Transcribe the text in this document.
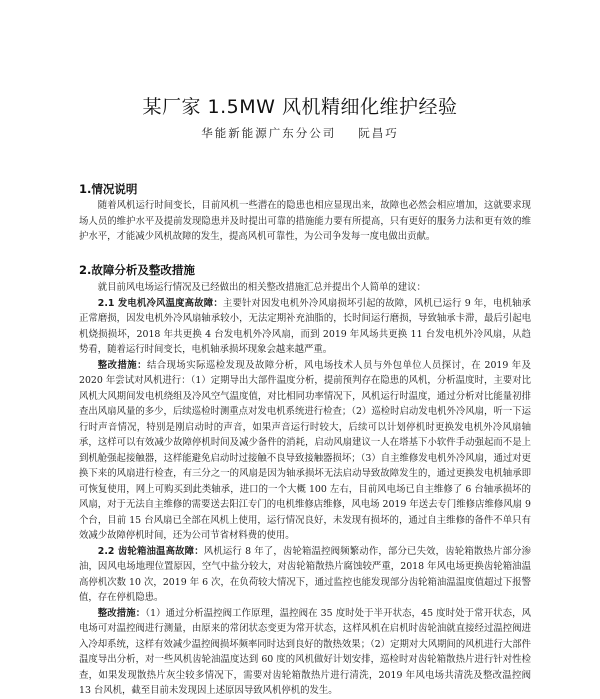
某厂家 1.5MW 风机精细化维护经验
华能新能源广东分公司 阮昌巧
1.情况说明

随着风机运行时间变长，目前风机一些潜在的隐患也相应显现出来，故障也必然会相应增加，这就要求现场人员的维护水平及提前发现隐患并及时提出可靠的措施能力要有所提高，只有更好的服务力法和更有效的维护水平，才能减少风机故障的发生，提高风机可靠性，为公司争发每一度电做出贡献。

2.故障分析及整改措施

就目前风电场运行情况及已经做出的相关整改措施汇总并提出个人简单的建议：

2.1 发电机冷风温度高故障：主要针对因发电机外冷风扇损坏引起的故障，风机已运行 9 年，电机轴承正常磨损，因发电机外冷风扇轴承较小，无法定期补充油脂的，长时间运行磨损，导致轴承卡滞，最后引起电机烧损损坏，2018 年共更换 4 台发电机外冷风扇，而到 2019 年风场共更换 11 台发电机外冷风扇，从趋势看，随着运行时间变长，电机轴承损坏现象会越来越严重。

整改措施：结合现场实际巡检发现及故障分析，风电场技术人员与外包单位人员探讨，在 2019 年及 2020 年尝试对风机进行：（1）定期导出大部件温度分析，提前预判存在隐患的风机，分析温度时，主要对比风机大风期间发电机绕组及冷风空气温度值，对比相同功率情况下，风机运行时温度，通过分析对比能量初排查出风扇风量的多少，后续巡检时测重点对发电机系统进行检查；（2）巡检时启动发电机外冷风扇，听一下运行时声音情况，特别是刚启动时的声音，如果声音运行时较大，后续可以计划停机时更换发电机外冷风扇轴承，这样可以有效减少故障停机时间及减少备件的消耗，启动风扇建议一人在塔基下小软件手动强起而不是上到机舱强起接触器，这样能避免启动时过接触不良导致接触器损坏；（3）自主维修发电机外冷风扇，通过对更换下来的风扇进行检查，有三分之一的风扇是因为轴承损坏无法启动导致故障发生的，通过更换发电机轴承即可恢复使用，网上可购买到此类轴承，进口的一个大概 100 左右，目前风电场已自主维修了 6 台轴承损坏的风扇，对于无法自主维修的需要送去阳江专门的电机维修店维修，风电场 2019 年送去专门维修店维修风扇 9 个台，目前 15 台风扇已全部在风机上使用，运行情况良好，未发现有损坏的，通过自主维修的备件不单只有效减少故障停机时间，还为公司节省材料费的使用。

2.2 齿轮箱油温高故障：风机运行 8 年了，齿轮箱温控阀频繁动作，部分已失效，齿轮箱散热片部分渗油，因风电场地理位置原因，空气中盐分较大，对齿轮箱散热片腐蚀较严重，2018 年风电场更换齿轮箱油温高停机次数 10 次，2019 年 6 次，在负荷较大情况下，通过监控也能发现部分齿轮箱油温温度值超过下报警值，存在停机隐患。

整改措施：（1）通过分析温控阀工作原理，温控阀在 35 度时处于半开状态，45 度时处于常开状态，风电场可对温控阀进行测量，由原来的常闭状态变更为常开状态，这样风机在启机时齿轮油就直接经过温控阀进入冷却系统，这样有效减少温控阀损坏频率同时达到良好的散热效果；（2）定期对大风期间的风机进行大部件温度导出分析，对一些风机齿轮油温度达到 60 度的风机做好计划安排，巡检时对齿轮箱散热片进行针对性检查，如果发现散热片灰尘较多情况下，需要对齿轮箱散热片进行清洗，2019 年风电场共清洗及整改温控阀 13 台风机，截至目前未发现因上述原因导致风机停机的发生。
